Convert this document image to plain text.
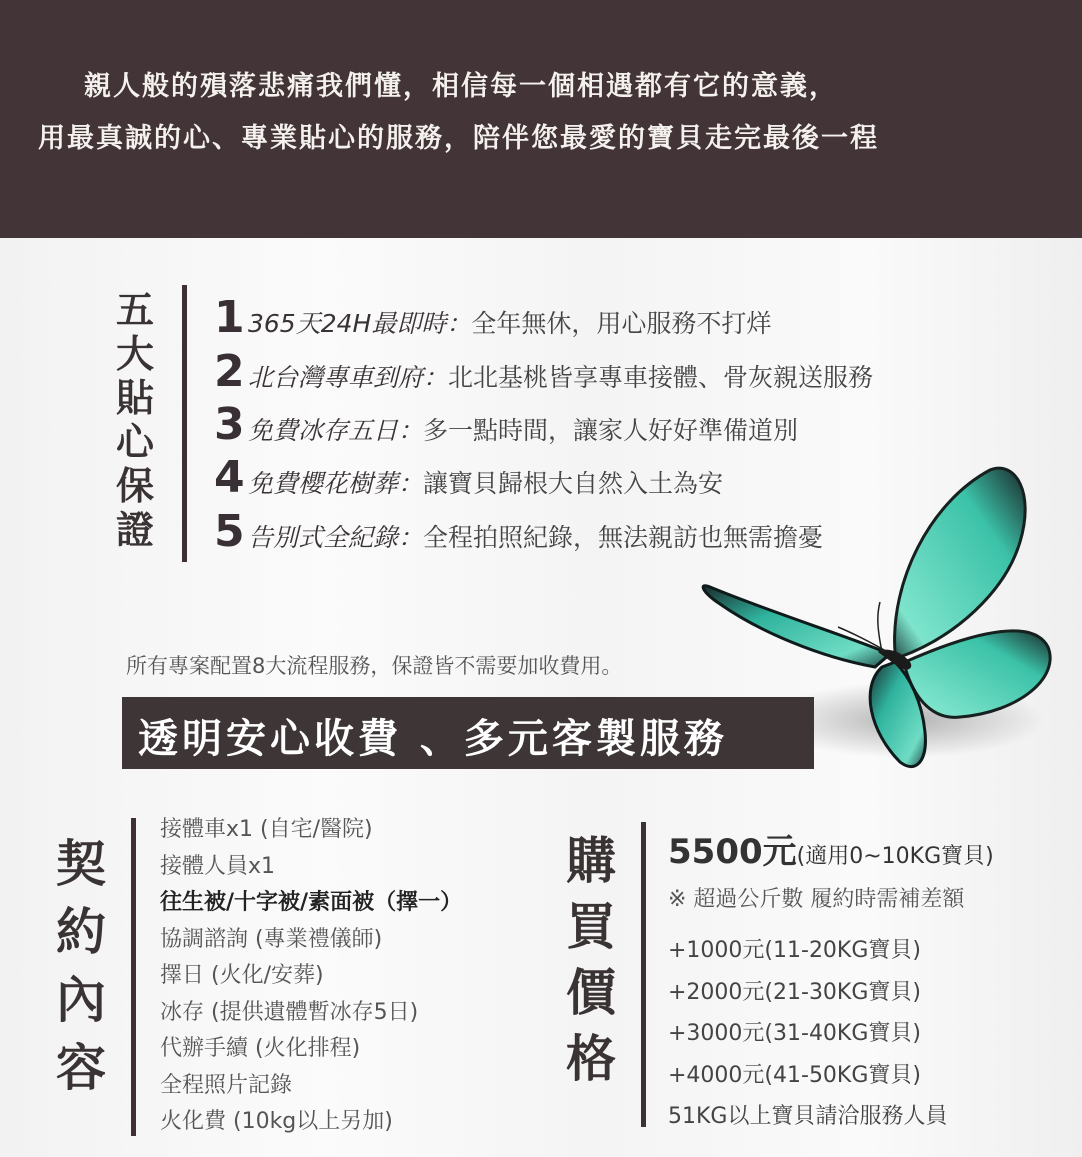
親人般的殞落悲痛我們懂，相信每一個相遇都有它的意義，
用最真誠的心、專業貼心的服務，陪伴您最愛的寶貝走完最後一程
五
大
貼
心
保
證
1 365天24H最即時： 全年無休，用心服務不打烊
2 北台灣專車到府： 北北基桃皆享專車接體、骨灰親送服務
3 免費冰存五日： 多一點時間，讓家人好好準備道別
4 免費櫻花樹葬： 讓寶貝歸根大自然入土為安
5 告別式全紀錄： 全程拍照紀錄，無法親訪也無需擔憂
所有專案配置8大流程服務，保證皆不需要加收費用。
透明安心收費 、多元客製服務
契
約
內
容
接體車x1 (自宅/醫院)
接體人員x1
往生被/十字被/素面被（擇一）
協調諮詢 (專業禮儀師)
擇日 (火化/安葬)
冰存 (提供遺體暫冰存5日)
代辦手續 (火化排程)
全程照片記錄
火化費 (10kg以上另加)
購
買
價
格
5500元(適用0~10KG寶貝)
※ 超過公斤數 履約時需補差額
+1000元(11-20KG寶貝)
+2000元(21-30KG寶貝)
+3000元(31-40KG寶貝)
+4000元(41-50KG寶貝)
51KG以上寶貝請洽服務人員
